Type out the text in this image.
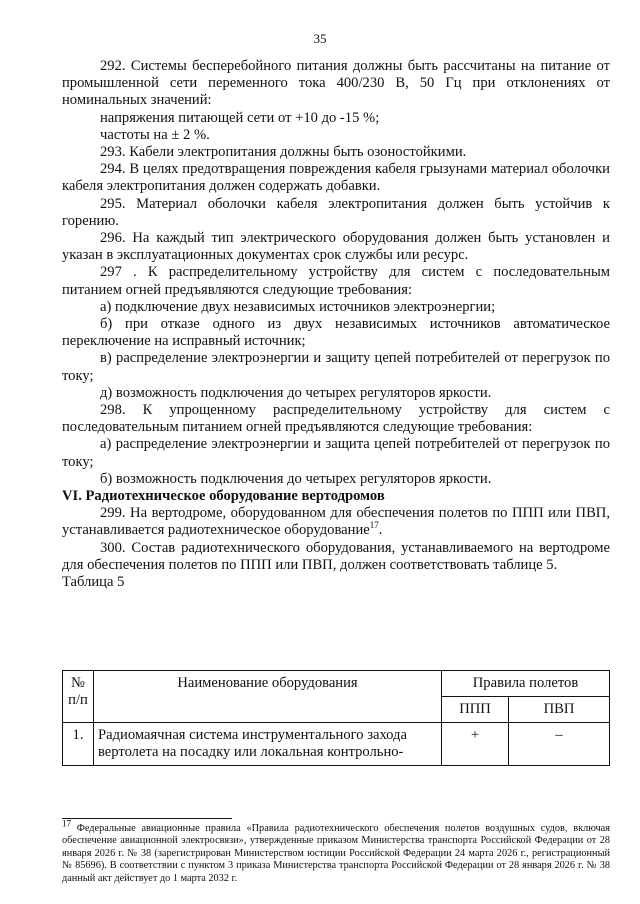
35

292. Системы бесперебойного питания должны быть рассчитаны на питание от промышленной сети переменного тока 400/230 В, 50 Гц при отклонениях от номинальных значений:

напряжения питающей сети от +10 до -15 %;

частоты на ± 2 %.

293. Кабели электропитания должны быть озоностойкими.

294. В целях предотвращения повреждения кабеля грызунами материал оболочки кабеля электропитания должен содержать добавки.

295. Материал оболочки кабеля электропитания должен быть устойчив к горению.

296. На каждый тип электрического оборудования должен быть установлен и указан в эксплуатационных документах срок службы или ресурс.

297 . К распределительному устройству для систем с последовательным питанием огней предъявляются следующие требования:

а) подключение двух независимых источников электроэнергии;

б) при отказе одного из двух независимых источников автоматическое переключение на исправный источник;

в) распределение электроэнергии и защиту цепей потребителей от перегрузок по току;

д) возможность подключения до четырех регуляторов яркости.

298. К упрощенному распределительному устройству для систем с последовательным питанием огней предъявляются следующие требования:

а) распределение электроэнергии и защита цепей потребителей от перегрузок по току;

б) возможность подключения до четырех регуляторов яркости.

VI. Радиотехническое оборудование вертодромов

299. На вертодроме, оборудованном для обеспечения полетов по ППП или ПВП, устанавливается радиотехническое оборудование$^{17}$.

300. Состав радиотехнического оборудования, устанавливаемого на вертодроме для обеспечения полетов по ППП или ПВП, должен соответствовать таблице 5.

Таблица 5

№ п/п	Наименование оборудования	Правила полетов	
		ППП	ПВП
1.	Радиомаячная система инструментального захода вертолета на посадку или локальная контрольно-	+	–
$^{17}$ Федеральные авиационные правила «Правила радиотехнического обеспечения полетов воздушных судов, включая обеспечение авиационной электросвязи», утвержденные приказом Министерства транспорта Российской Федерации от 28 января 2026 г. № 38 (зарегистрирован Министерством юстиции Российской Федерации 24 марта 2026 г., регистрационный № 85696). В соответствии с пунктом 3 приказа Министерства транспорта Российской Федерации от 28 января 2026 г. № 38 данный акт действует до 1 марта 2032 г.
